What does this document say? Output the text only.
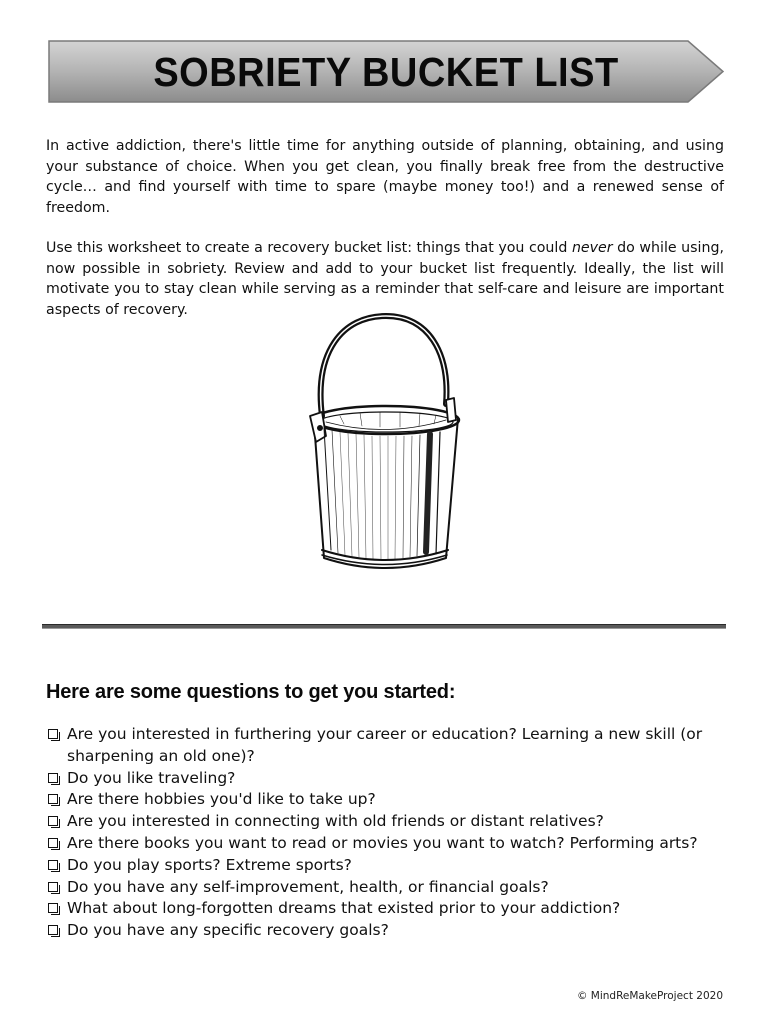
SOBRIETY BUCKET LIST

In active addiction, there's little time for anything outside of planning, obtaining, and using your substance of choice. When you get clean, you finally break free from the destructive cycle… and find yourself with time to spare (maybe money too!) and a renewed sense of freedom.

Use this worksheet to create a recovery bucket list: things that you could never do while using, now possible in sobriety. Review and add to your bucket list frequently. Ideally, the list will motivate you to stay clean while serving as a reminder that self-care and leisure are important aspects of recovery.

Here are some questions to get you started:
Are you interested in furthering your career or education? Learning a new skill (or sharpening an old one)?
Do you like traveling?
Are there hobbies you'd like to take up?
Are you interested in connecting with old friends or distant relatives?
Are there books you want to read or movies you want to watch? Performing arts?
Do you play sports? Extreme sports?
Do you have any self-improvement, health, or financial goals?
What about long-forgotten dreams that existed prior to your addiction?
Do you have any specific recovery goals?
© MindReMakeProject 2020
